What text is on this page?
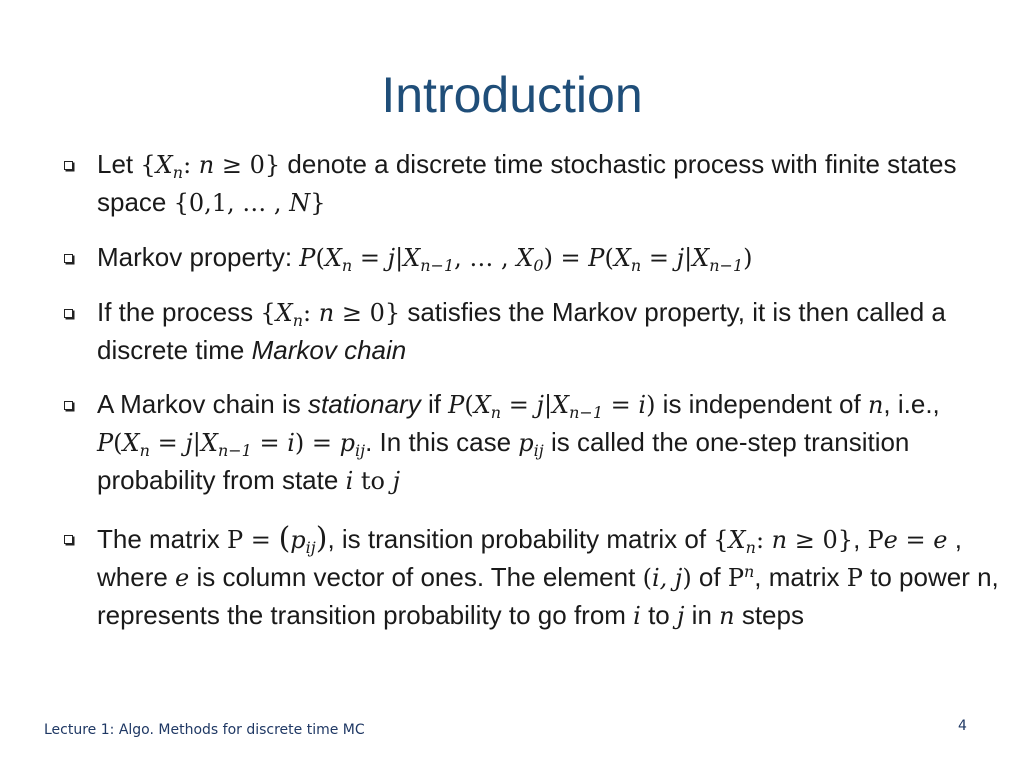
Introduction
Let {$X_n$: n ≥ 0} denote a discrete time stochastic process with finite states space {0,1, … , N}
Markov property: $P(X_n = j|X_{n-1}$, … , $X_0) = P(X_n = j|X_{n-1})$
If the process {$X_n$: n ≥ 0} satisfies the Markov property, it is then called a discrete time Markov chain
A Markov chain is stationary if $P(X_n = j|X_{n-1} = i)$ is independent of n, i.e., $P(X_n = j|X_{n-1} = i) = p_{ij}$. In this case $p_{ij}$ is called the one-step transition probability from state i to j
The matrix $P = (p_{ij})$, is transition probability matrix of {$X_n$: n ≥ 0}, Pe = e , where e is column vector of ones. The element (i, j) of $P^n$, matrix P to power n, represents the transition probability to go from i to j in n steps
Lecture 1: Algo. Methods for discrete time MC	4
